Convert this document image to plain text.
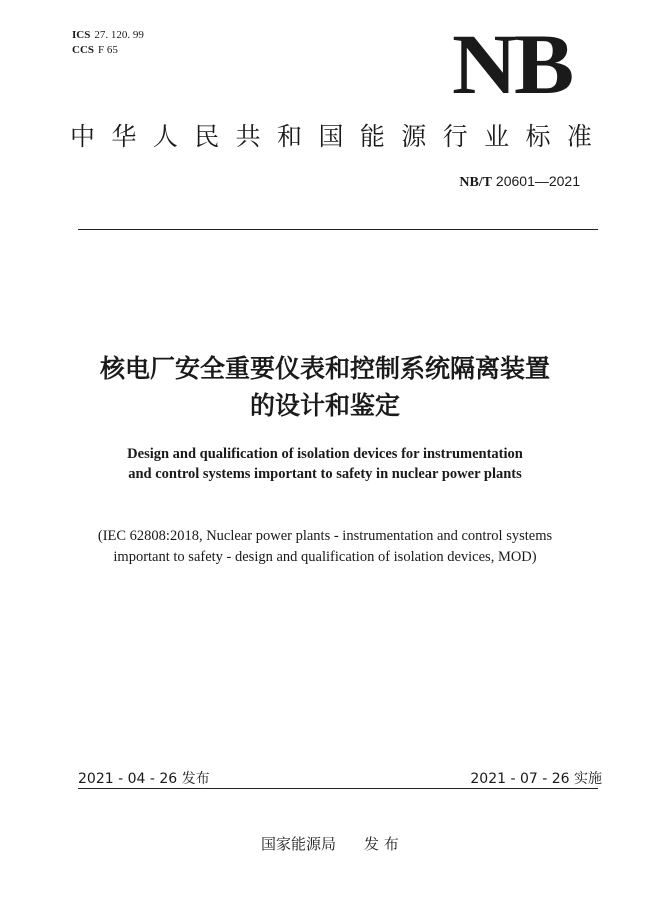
ICS 27. 120. 99
CCS F 65	NB
中 华 人 民 共 和 国 能 源 行 业 标 准
NB/T 20601—2021
核电厂安全重要仪表和控制系统隔离装置
的设计和鉴定
Design and qualification of isolation devices for instrumentation
and control systems important to safety in nuclear power plants
(IEC 62808:2018, Nuclear power plants - instrumentation and control systems
important to safety - design and qualification of isolation devices, MOD)
2021 - 04 - 26 发布	2021 - 07 - 26 实施
国家能源局 发 布
